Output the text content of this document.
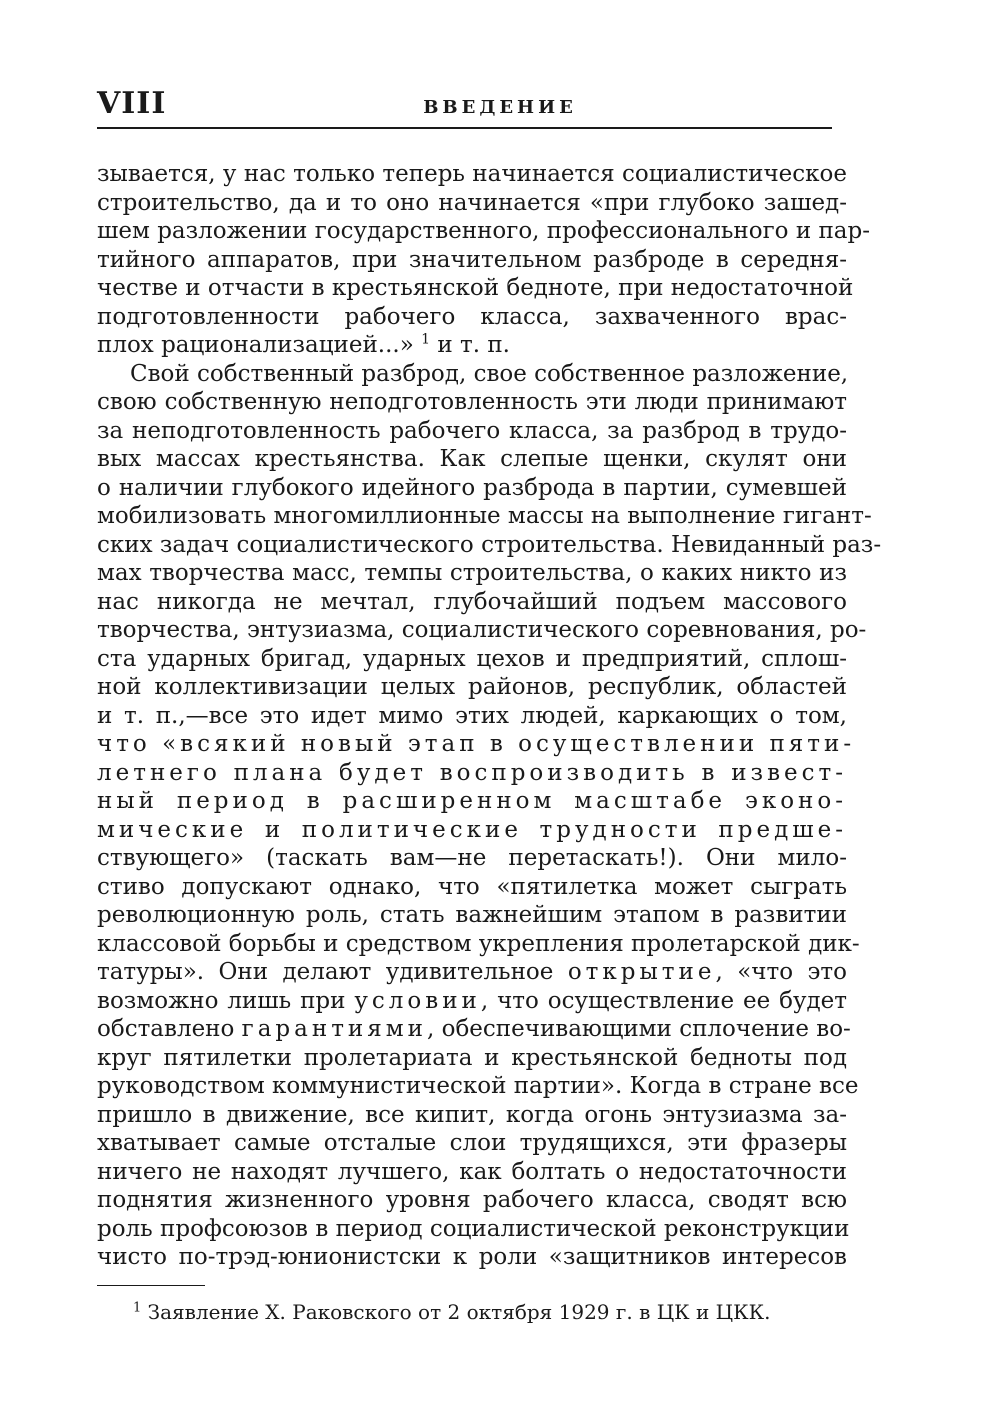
VIII	ВВЕДЕНИЕ
зывается, у нас только теперь начинается социалистическое
строительство, да и то оно начинается «при глубоко зашед-
шем разложении государственного, профессионального и пар-
тийного аппаратов, при значительном разброде в середня-
честве и отчасти в крестьянской бедноте, при недостаточной
подготовленности рабочего класса, захваченного врас-
плох рационализацией...» $^1$ и т. п.
Свой собственный разброд, свое собственное разложение,
свою собственную неподготовленность эти люди принимают
за неподготовленность рабочего класса, за разброд в трудо-
вых массах крестьянства. Как слепые щенки, скулят они
о наличии глубокого идейного разброда в партии, сумевшей
мобилизовать многомиллионные массы на выполнение гигант-
ских задач социалистического строительства. Невиданный раз-
мах творчества масс, темпы строительства, о каких никто из
нас никогда не мечтал, глубочайший подъем массового
творчества, энтузиазма, социалистического соревнования, ро-
ста ударных бригад, ударных цехов и предприятий, сплош-
ной коллективизации целых районов, республик, областей
и т. п.,—все это идет мимо этих людей, каркающих о том,
что «всякий новый этап в осуществлении пяти-
летнего плана будет воспроизводить в извест-
ный период в расширенном масштабе эконо-
мические и политические трудности предше-
ствующего» (таскать вам—не перетаскать!). Они мило-
стиво допускают однако, что «пятилетка может сыграть
революционную роль, стать важнейшим этапом в развитии
классовой борьбы и средством укрепления пролетарской дик-
татуры». Они делают удивительное открытие, «что это
возможно лишь при условии, что осуществление ее будет
обставлено гарантиями, обеспечивающими сплочение во-
круг пятилетки пролетариата и крестьянской бедноты под
руководством коммунистической партии». Когда в стране все
пришло в движение, все кипит, когда огонь энтузиазма за-
хватывает самые отсталые слои трудящихся, эти фразеры
ничего не находят лучшего, как болтать о недостаточности
поднятия жизненного уровня рабочего класса, сводят всю
роль профсоюзов в период социалистической реконструкции
чисто по-трэд-юнионистски к роли «защитников интересов
$^1$ Заявление Х. Раковского от 2 октября 1929 г. в ЦК и ЦКК.
